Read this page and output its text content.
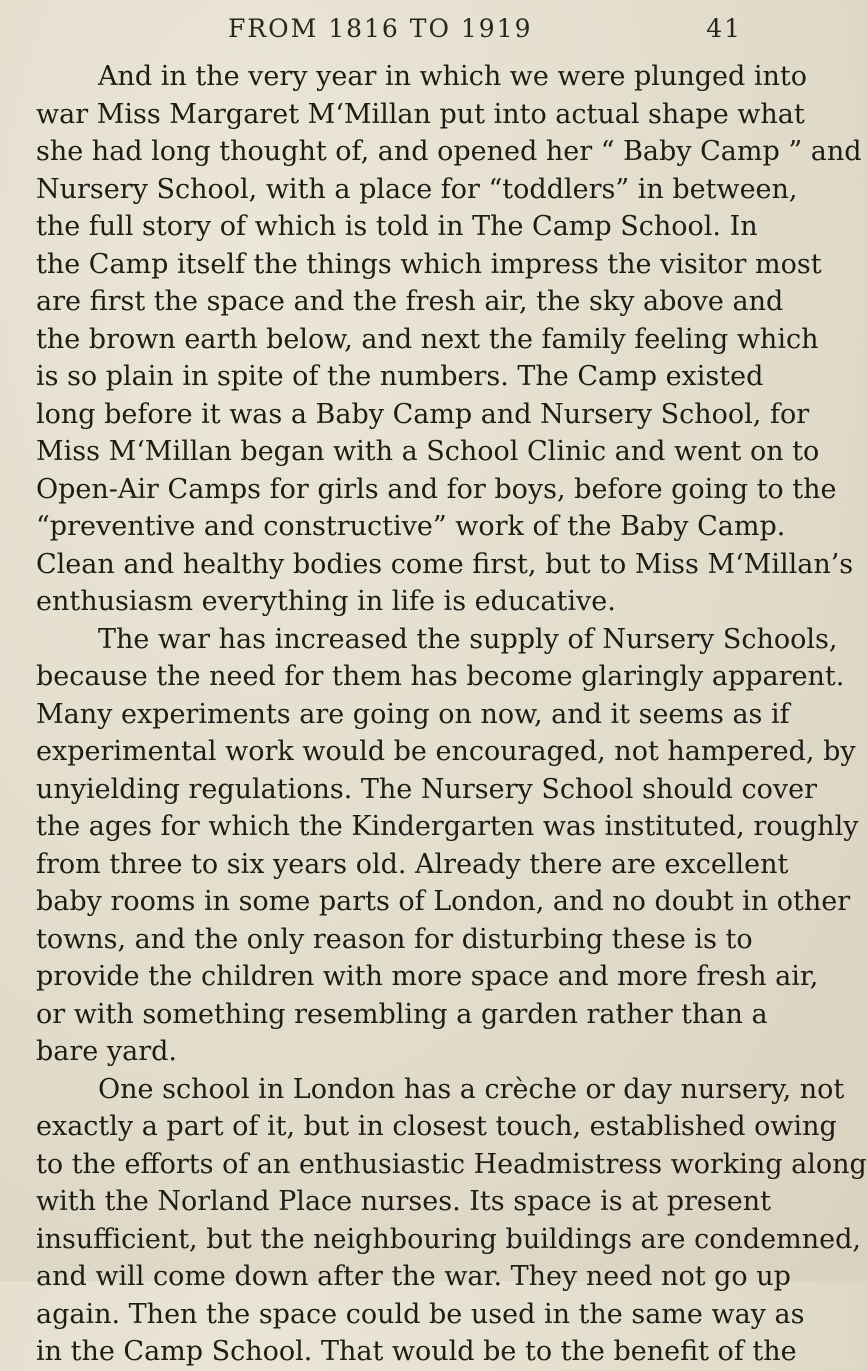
FROM 1816 TO 1919	41
And in the very year in which we were plunged into
war Miss Margaret M‘Millan put into actual shape what
she had long thought of, and opened her “ Baby Camp ” and
Nursery School, with a place for “toddlers” in between,
the full story of which is told in The Camp School. In
the Camp itself the things which impress the visitor most
are first the space and the fresh air, the sky above and
the brown earth below, and next the family feeling which
is so plain in spite of the numbers. The Camp existed
long before it was a Baby Camp and Nursery School, for
Miss M‘Millan began with a School Clinic and went on to
Open-Air Camps for girls and for boys, before going to the
“preventive and constructive” work of the Baby Camp.
Clean and healthy bodies come first, but to Miss M‘Millan’s
enthusiasm everything in life is educative.
The war has increased the supply of Nursery Schools,
because the need for them has become glaringly apparent.
Many experiments are going on now, and it seems as if
experimental work would be encouraged, not hampered, by
unyielding regulations. The Nursery School should cover
the ages for which the Kindergarten was instituted, roughly
from three to six years old. Already there are excellent
baby rooms in some parts of London, and no doubt in other
towns, and the only reason for disturbing these is to
provide the children with more space and more fresh air,
or with something resembling a garden rather than a
bare yard.
One school in London has a crèche or day nursery, not
exactly a part of it, but in closest touch, established owing
to the efforts of an enthusiastic Headmistress working along
with the Norland Place nurses. Its space is at present
insufficient, but the neighbouring buildings are condemned,
and will come down after the war. They need not go up
again. Then the space could be used in the same way as
in the Camp School. That would be to the benefit of the
